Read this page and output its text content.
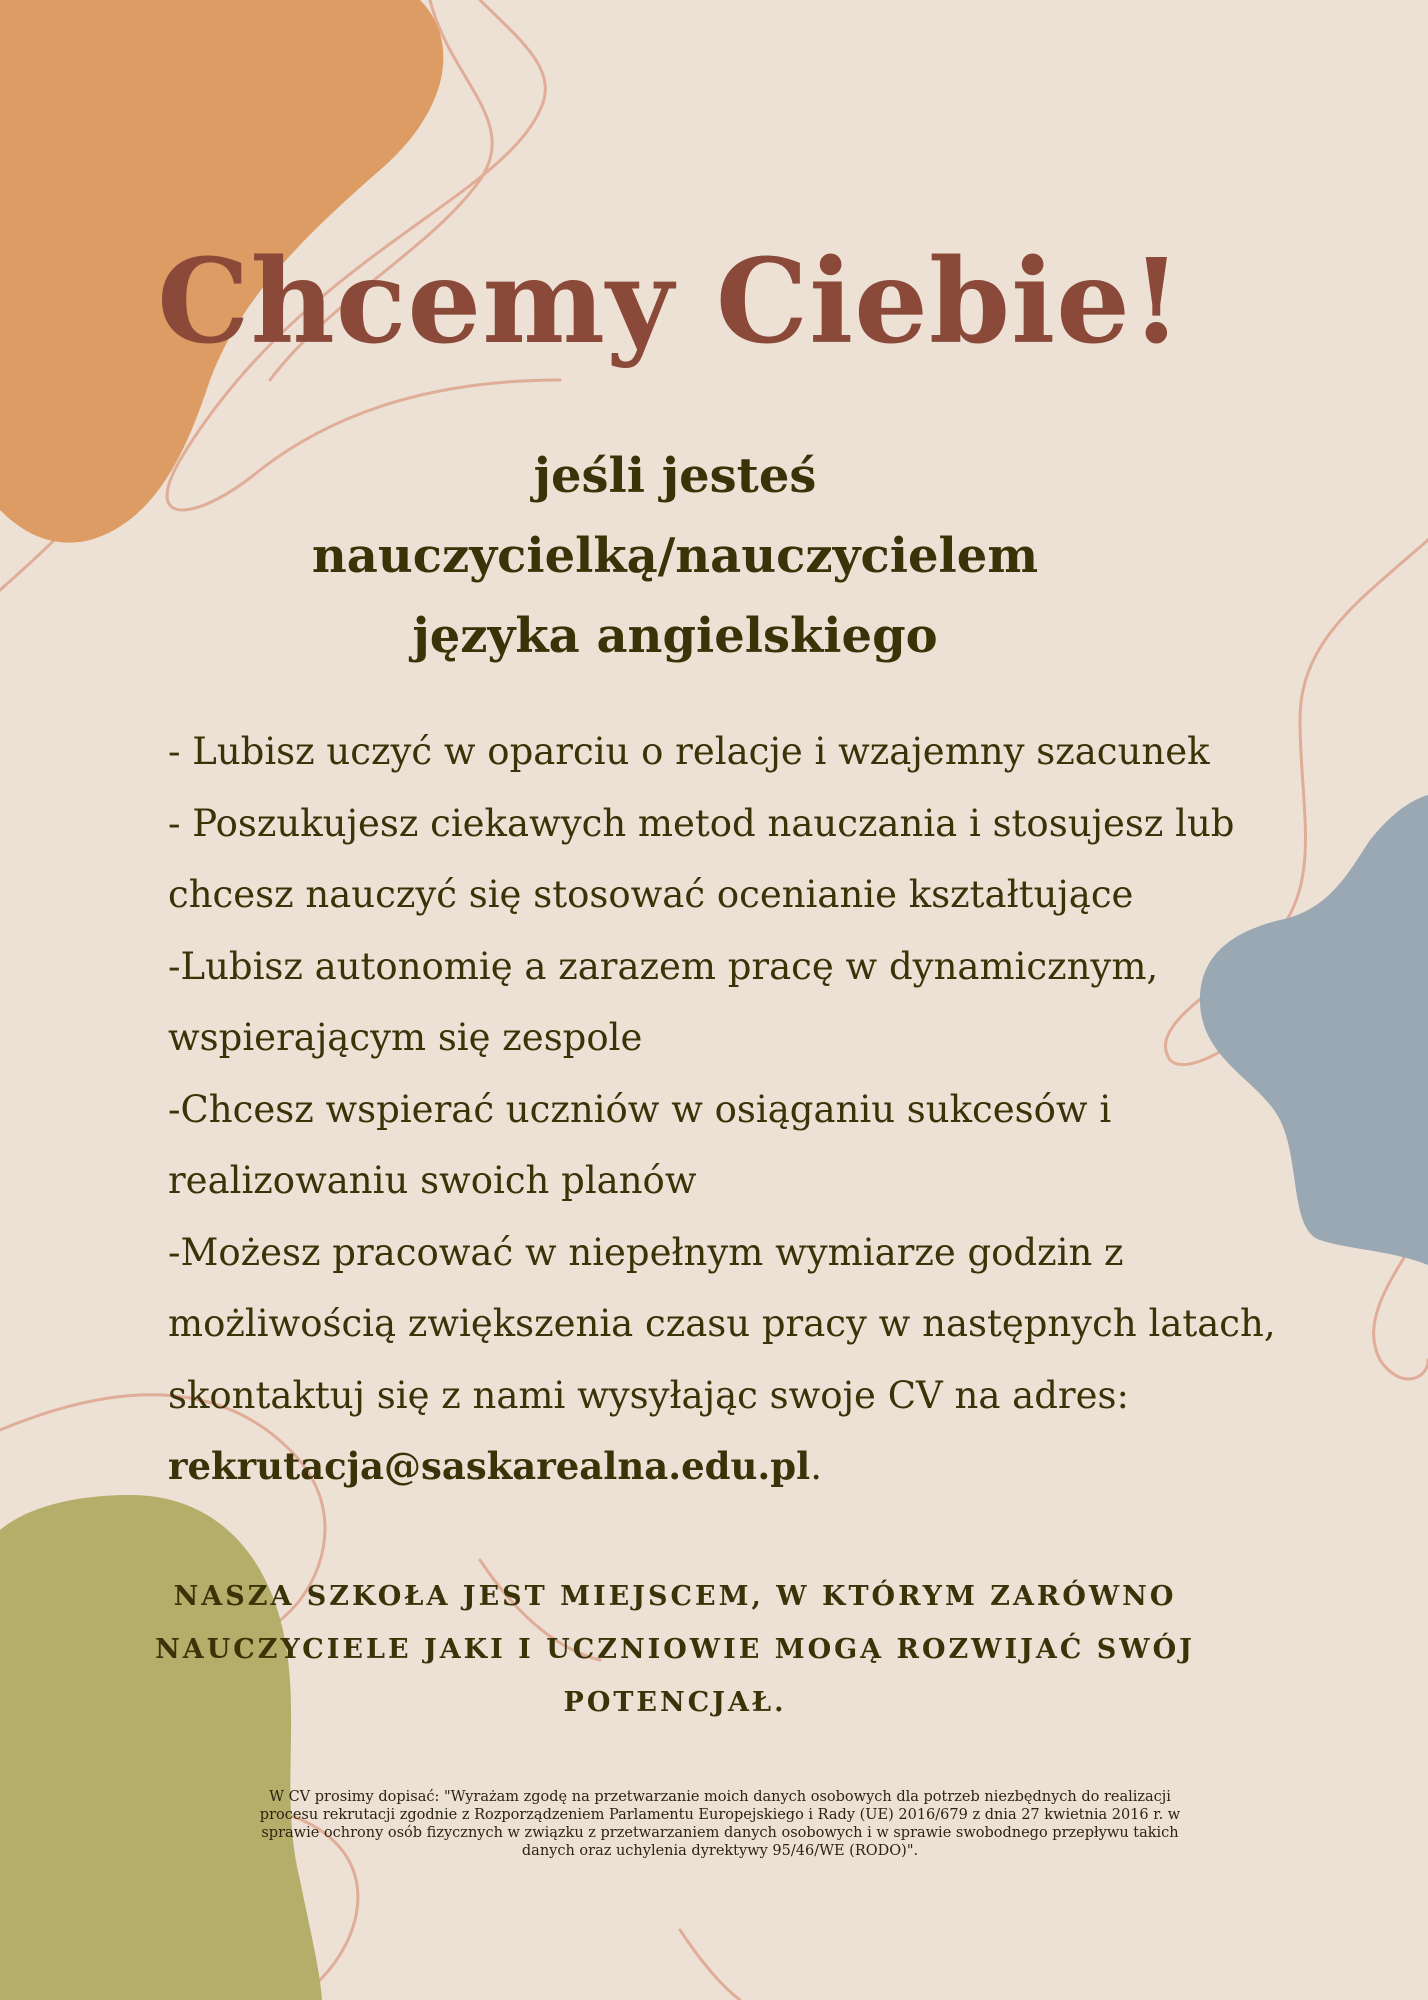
Chcemy Ciebie!
jeśli jesteś
nauczycielką/nauczycielem
języka angielskiego
- Lubisz uczyć w oparciu o relacje i wzajemny szacunek
- Poszukujesz ciekawych metod nauczania i stosujesz lub
chcesz nauczyć się stosować ocenianie kształtujące
-Lubisz autonomię a zarazem pracę w dynamicznym,
wspierającym się zespole
-Chcesz wspierać uczniów w osiąganiu sukcesów i
realizowaniu swoich planów
-Możesz pracować w niepełnym wymiarze godzin z
możliwością zwiększenia czasu pracy w następnych latach,
skontaktuj się z nami wysyłając swoje CV na adres:
rekrutacja@saskarealna.edu.pl.
NASZA SZKOŁA JEST MIEJSCEM, W KTÓRYM ZARÓWNO
NAUCZYCIELE JAKI I UCZNIOWIE MOGĄ ROZWIJAĆ SWÓJ
POTENCJAŁ.
W CV prosimy dopisać: "Wyrażam zgodę na przetwarzanie moich danych osobowych dla potrzeb niezbędnych do realizacji
procesu rekrutacji zgodnie z Rozporządzeniem Parlamentu Europejskiego i Rady (UE) 2016/679 z dnia 27 kwietnia 2016 r. w
sprawie ochrony osób fizycznych w związku z przetwarzaniem danych osobowych i w sprawie swobodnego przepływu takich
danych oraz uchylenia dyrektywy 95/46/WE (RODO)".
